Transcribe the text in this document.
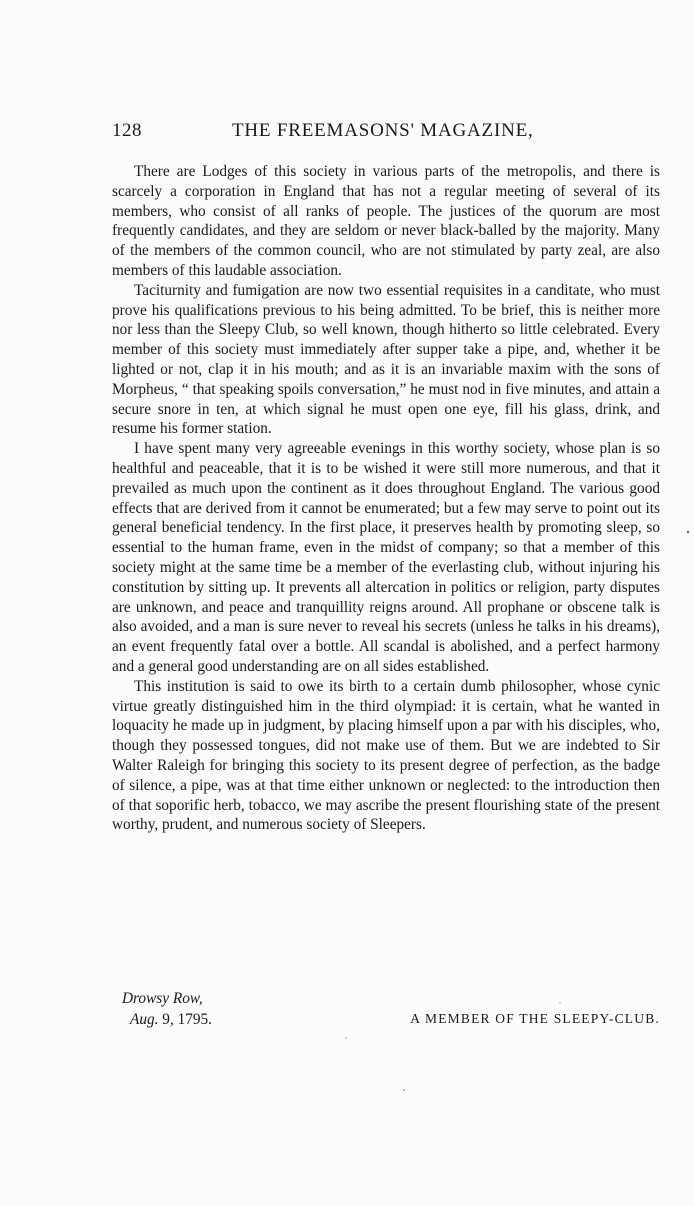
128	THE FREEMASONS' MAGAZINE,

There are Lodges of this society in various parts of the metropolis, and there is scarcely a corporation in England that has not a regular meeting of several of its members, who consist of all ranks of people. The justices of the quorum are most frequently candidates, and they are seldom or never black-balled by the majority. Many of the members of the common council, who are not stimulated by party zeal, are also members of this laudable association.

Taciturnity and fumigation are now two essential requisites in a canditate, who must prove his qualifications previous to his being admitted. To be brief, this is neither more nor less than the Sleepy Club, so well known, though hitherto so little celebrated. Every member of this society must immediately after supper take a pipe, and, whether it be lighted or not, clap it in his mouth; and as it is an invariable maxim with the sons of Morpheus, “ that speaking spoils conversation,” he must nod in five minutes, and attain a secure snore in ten, at which signal he must open one eye, fill his glass, drink, and resume his former station.

I have spent many very agreeable evenings in this worthy society, whose plan is so healthful and peaceable, that it is to be wished it were still more numerous, and that it prevailed as much upon the continent as it does throughout England. The various good effects that are derived from it cannot be enumerated; but a few may serve to point out its general beneficial tendency. In the first place, it preserves health by promoting sleep, so essential to the human frame, even in the midst of company; so that a member of this society might at the same time be a member of the everlasting club, without injuring his constitution by sitting up. It prevents all altercation in politics or religion, party disputes are unknown, and peace and tranquillity reigns around. All prophane or obscene talk is also avoided, and a man is sure never to reveal his secrets (unless he talks in his dreams), an event frequently fatal over a bottle. All scandal is abolished, and a perfect harmony and a general good understanding are on all sides established.

This institution is said to owe its birth to a certain dumb philosopher, whose cynic virtue greatly distinguished him in the third olympiad: it is certain, what he wanted in loquacity he made up in judgment, by placing himself upon a par with his disciples, who, though they possessed tongues, did not make use of them. But we are indebted to Sir Walter Raleigh for bringing this society to its present degree of perfection, as the badge of silence, a pipe, was at that time either unknown or neglected: to the introduction then of that soporific herb, tobacco, we may ascribe the present flourishing state of the present worthy, prudent, and numerous society of Sleepers.

Drowsy Row,
Aug. 9, 1795.	A MEMBER OF THE SLEEPY-CLUB.
